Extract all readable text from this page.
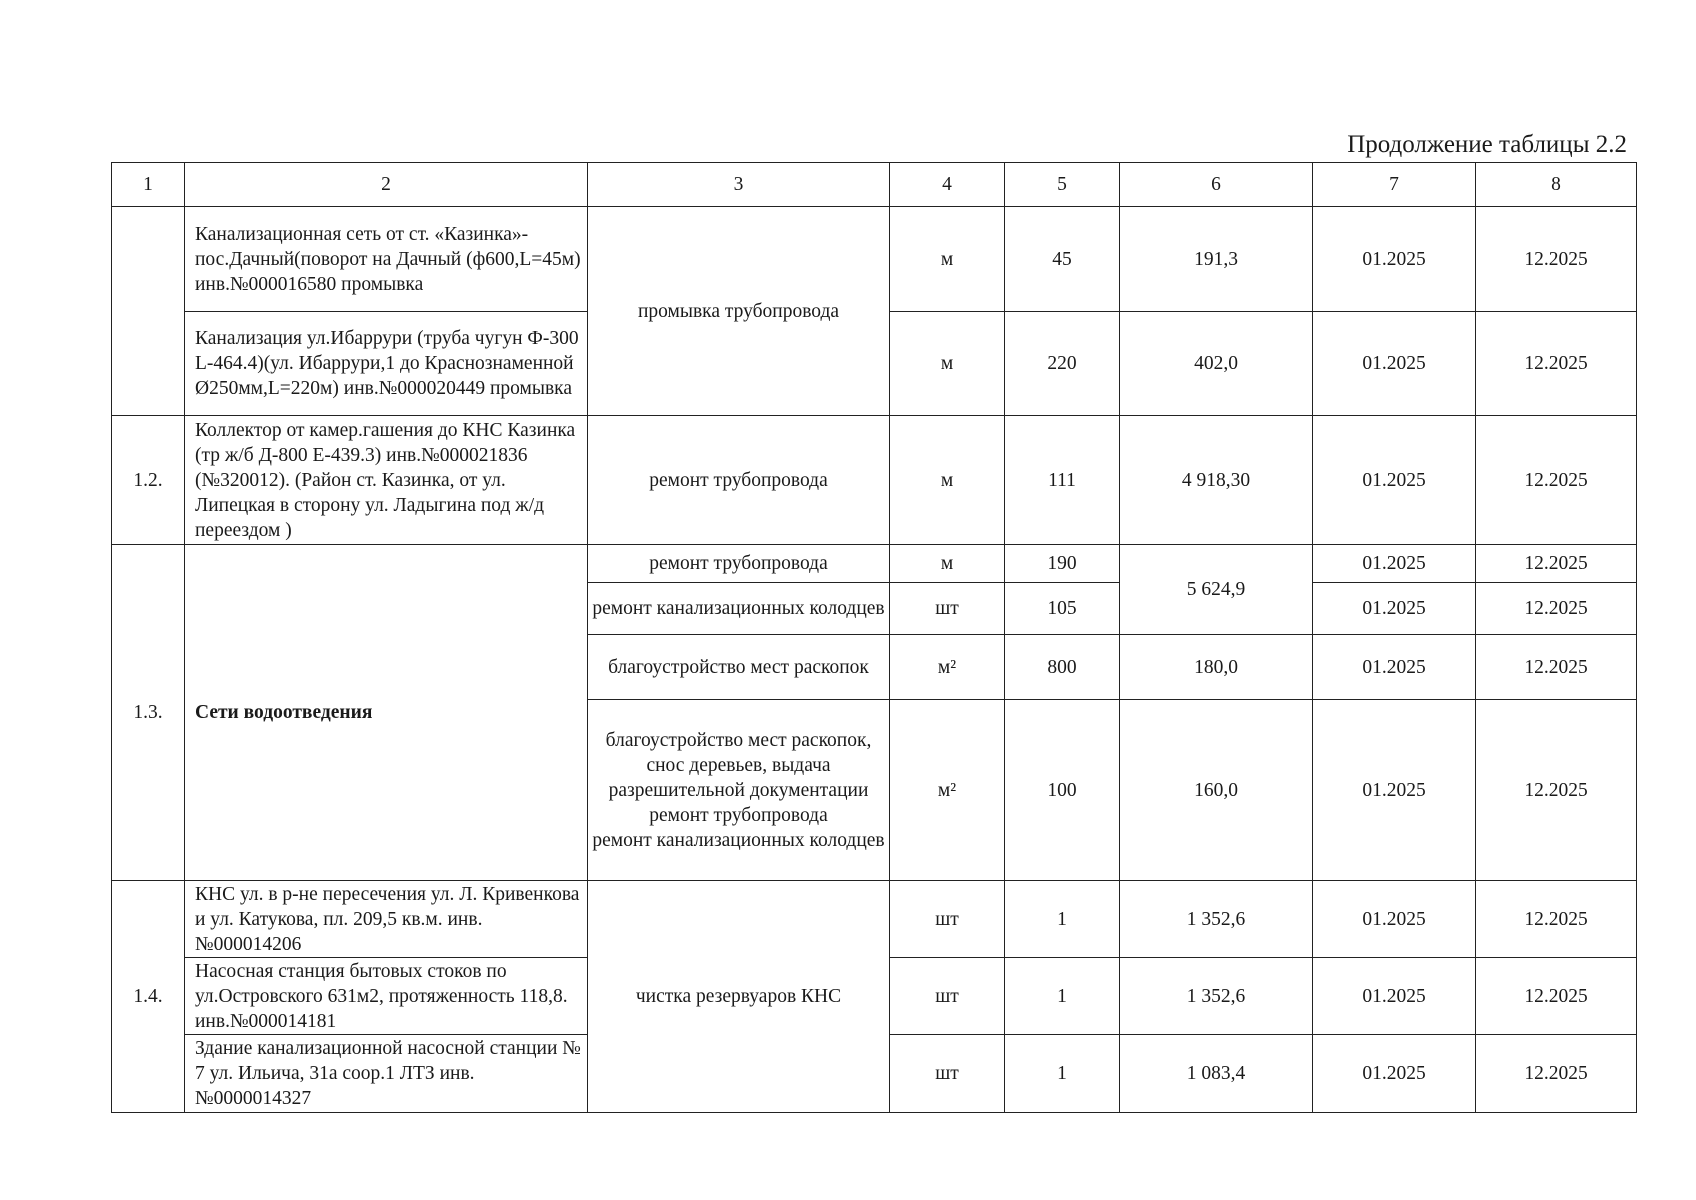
Продолжение таблицы 2.2
1	2	3	4	5	6	7	8
	Канализационная сеть от ст. «Казинка»-пос.Дачный(поворот на Дачный (ф600,L=45м) инв.№000016580 промывка	промывка трубопровода	м	45	191,3	01.2025	12.2025
	Канализация ул.Ибаррури (труба чугун Ф-300 L-464.4)(ул. Ибаррури,1 до Краснознаменной Ø250мм,L=220м) инв.№000020449 промывка		м	220	402,0	01.2025	12.2025
1.2.	Коллектор от камер.гашения до КНС Казинка (тр ж/б Д-800 Е-439.3) инв.№000021836 (№320012). (Район ст. Казинка, от ул. Липецкая в сторону ул. Ладыгина под ж/д переездом )	ремонт трубопровода	м	111	4 918,30	01.2025	12.2025
1.3.	Сети водоотведения	ремонт трубопровода	м	190	5 624,9	01.2025	12.2025
		ремонт канализационных колодцев	шт	105		01.2025	12.2025
		благоустройство мест раскопок	м²	800	180,0	01.2025	12.2025
		благоустройство мест раскопок, снос деревьев, выдача разрешительной документации
ремонт трубопровода
ремонт канализационных колодцев	м²	100	160,0	01.2025	12.2025
1.4.	КНС ул. в р-не пересечения ул. Л. Кривенкова и ул. Катукова, пл. 209,5 кв.м. инв.№000014206	чистка резервуаров КНС	шт	1	1 352,6	01.2025	12.2025
	Насосная станция бытовых стоков по ул.Островского 631м2, протяженность 118,8. инв.№000014181		шт	1	1 352,6	01.2025	12.2025
	Здание канализационной насосной станции № 7 ул. Ильича, 31а соор.1 ЛТЗ инв. №0000014327		шт	1	1 083,4	01.2025	12.2025
